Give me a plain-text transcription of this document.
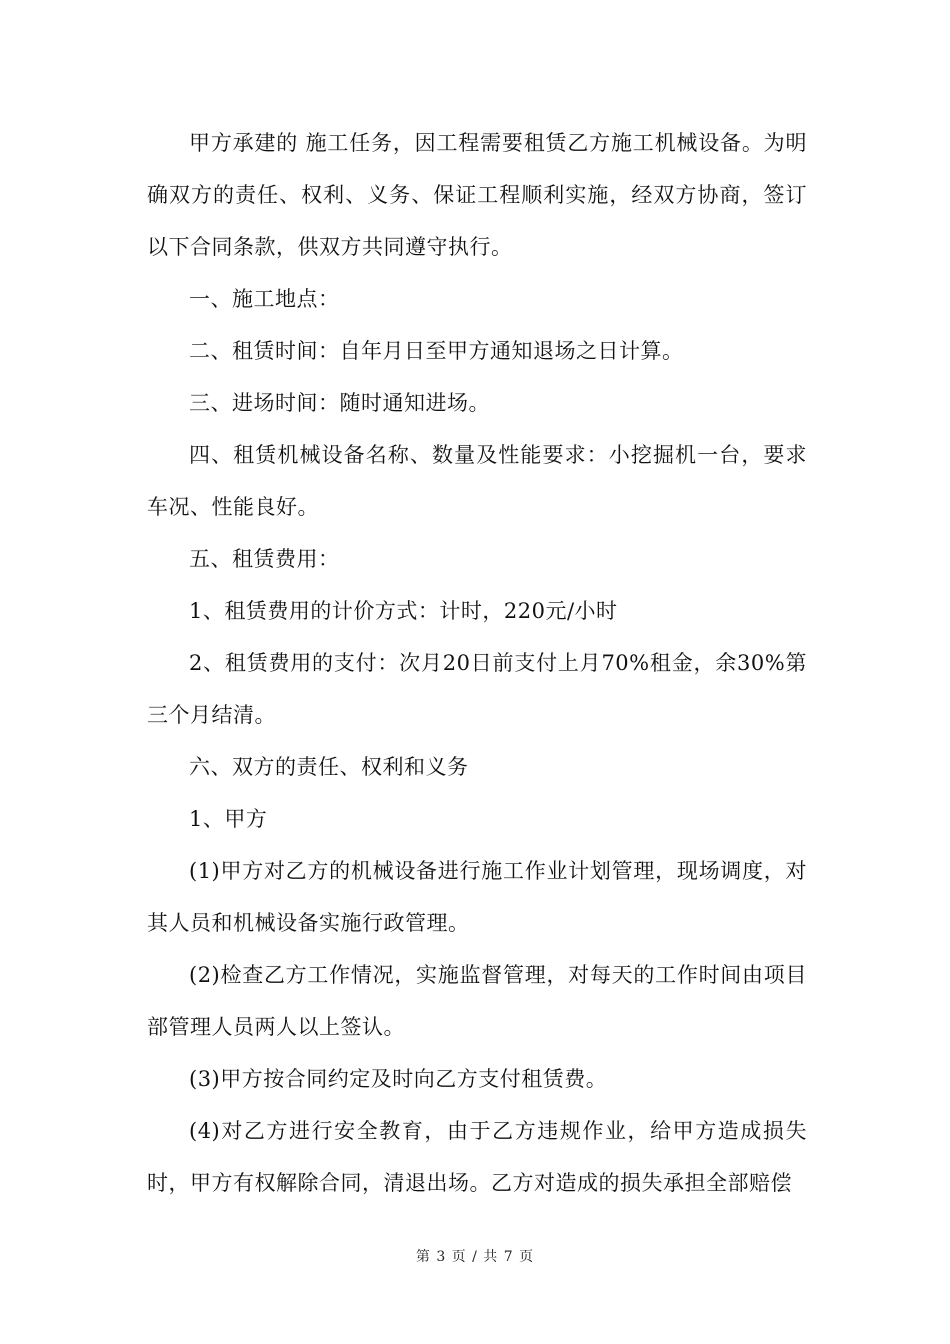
甲方承建的 施工任务，因工程需要租赁乙方施工机械设备。为明确双方的责任、权利、义务、保证工程顺利实施，经双方协商，签订以下合同条款，供双方共同遵守执行。

一、施工地点：

二、租赁时间：自年月日至甲方通知退场之日计算。

三、进场时间：随时通知进场。

四、租赁机械设备名称、数量及性能要求：小挖掘机一台，要求车况、性能良好。

五、租赁费用：

1、租赁费用的计价方式：计时，220元/小时

2、租赁费用的支付：次月20日前支付上月70%租金，余30%第三个月结清。

六、双方的责任、权利和义务

1、甲方

(1)甲方对乙方的机械设备进行施工作业计划管理，现场调度，对其人员和机械设备实施行政管理。

(2)检查乙方工作情况，实施监督管理，对每天的工作时间由项目部管理人员两人以上签认。

(3)甲方按合同约定及时向乙方支付租赁费。

(4)对乙方进行安全教育，由于乙方违规作业，给甲方造成损失时，甲方有权解除合同，清退出场。乙方对造成的损失承担全部赔偿

第 3 页 / 共 7 页
